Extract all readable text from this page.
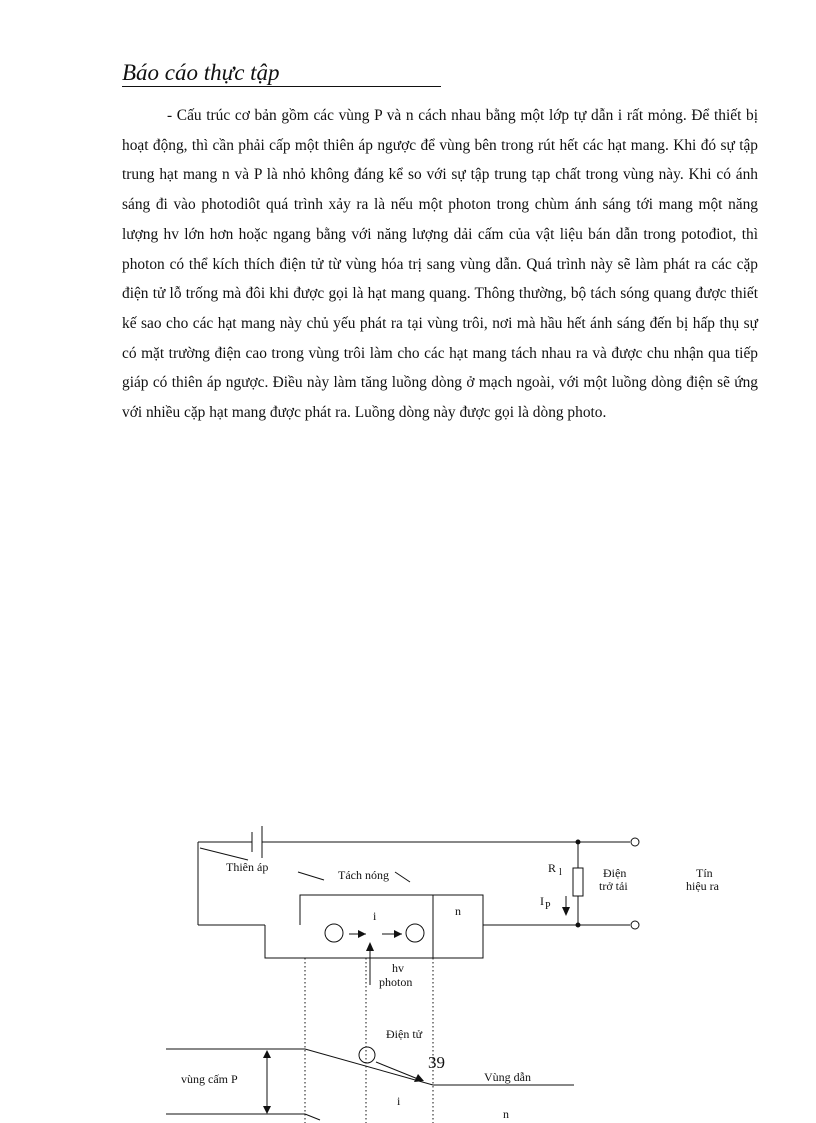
Báo cáo thực tập

- Cấu trúc cơ bản gồm các vùng P và n cách nhau bằng một lớp tự dẫn i rất mỏng. Để thiết bị hoạt động, thì cần phải cấp một thiên áp ngược để vùng bên trong rút hết các hạt mang. Khi đó sự tập trung hạt mang n và P là nhỏ không đáng kể so với sự tập trung tạp chất trong vùng này. Khi có ánh sáng đi vào photodiôt quá trình xảy ra là nếu một photon trong chùm ánh sáng tới mang một năng lượng hv lớn hơn hoặc ngang bằng với năng lượng dải cấm của vật liệu bán dẫn trong potođiot, thì photon có thể kích thích điện tử từ vùng hóa trị sang vùng dẫn. Quá trình này sẽ làm phát ra các cặp điện tử lỗ trống mà đôi khi được gọi là hạt mang quang. Thông thường, bộ tách sóng quang được thiết kế sao cho các hạt mang này chủ yếu phát ra tại vùng trôi, nơi mà hầu hết ánh sáng đến bị hấp thụ sự có mặt trường điện cao trong vùng trôi làm cho các hạt mang tách nhau ra và được chu nhận qua tiếp giáp có thiên áp ngược. Điều này làm tăng luồng dòng ở mạch ngoài, với một luồng dòng điện sẽ ứng với nhiều cặp hạt mang được phát ra. Luồng dòng này được gọi là dòng photo.

Thiên áp
Tách nóng
i	n
R l
I P
Điện
trở tải
Tín
hiệu ra
hv
photon
Điện tử
vùng cấm P	Vùng dẫn
i
n
39
